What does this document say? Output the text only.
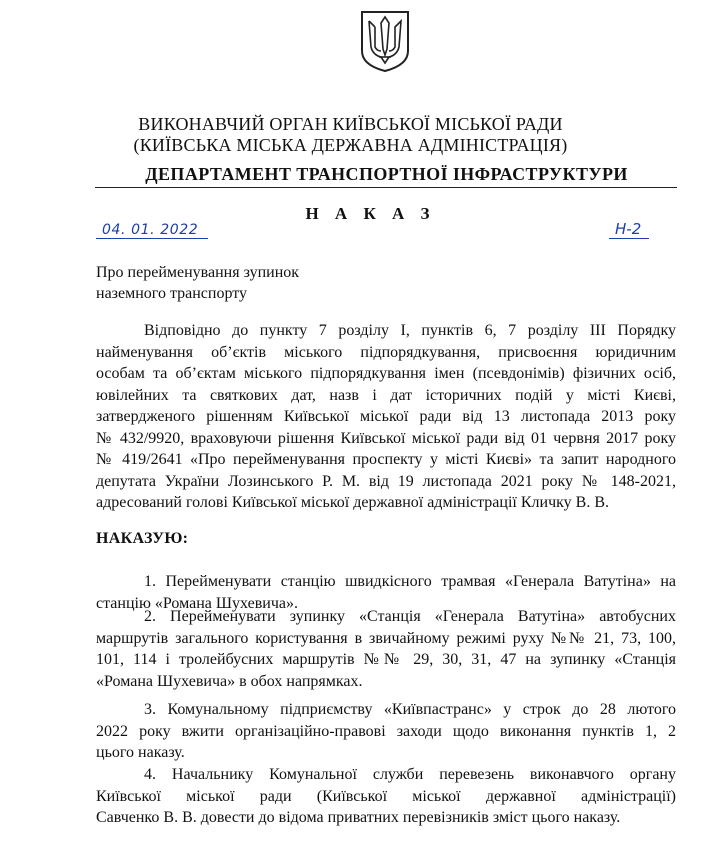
ВИКОНАВЧИЙ ОРГАН КИЇВСЬКОЇ МІСЬКОЇ РАДИ
(КИЇВСЬКА МІСЬКА ДЕРЖАВНА АДМІНІСТРАЦІЯ)
ДЕПАРТАМЕНТ ТРАНСПОРТНОЇ ІНФРАСТРУКТУРИ
Н А К А З
04. 01. 2022	Н-2
Про перейменування зупинок
наземного транспорту
Відповідно до пункту 7 розділу I, пунктів 6, 7 розділу III Порядку
найменування об’єктів міського підпорядкування, присвоєння юридичним
особам та об’єктам міського підпорядкування імен (псевдонімів) фізичних осіб,
ювілейних та святкових дат, назв і дат історичних подій у місті Києві,
затвердженого рішенням Київської міської ради від 13 листопада 2013 року
№ 432/9920, враховуючи рішення Київської міської ради від 01 червня 2017 року
№ 419/2641 «Про перейменування проспекту у місті Києві» та запит народного
депутата України Лозинського Р. М. від 19 листопада 2021 року № 148-2021,
адресований голові Київської міської державної адміністрації Кличку В. В.
НАКАЗУЮ:
1. Перейменувати станцію швидкісного трамвая «Генерала Ватутіна» на
станцію «Романа Шухевича».
2. Перейменувати зупинку «Станція «Генерала Ватутіна» автобусних
маршрутів загального користування в звичайному режимі руху №№ 21, 73, 100,
101, 114 і тролейбусних маршрутів №№ 29, 30, 31, 47 на зупинку «Станція
«Романа Шухевича» в обох напрямках.
3. Комунальному підприємству «Київпастранс» у строк до 28 лютого
2022 року вжити організаційно-правові заходи щодо виконання пунктів 1, 2
цього наказу.
4. Начальнику Комунальної служби перевезень виконавчого органу
Київської міської ради (Київської міської державної адміністрації)
Савченко В. В. довести до відома приватних перевізників зміст цього наказу.
